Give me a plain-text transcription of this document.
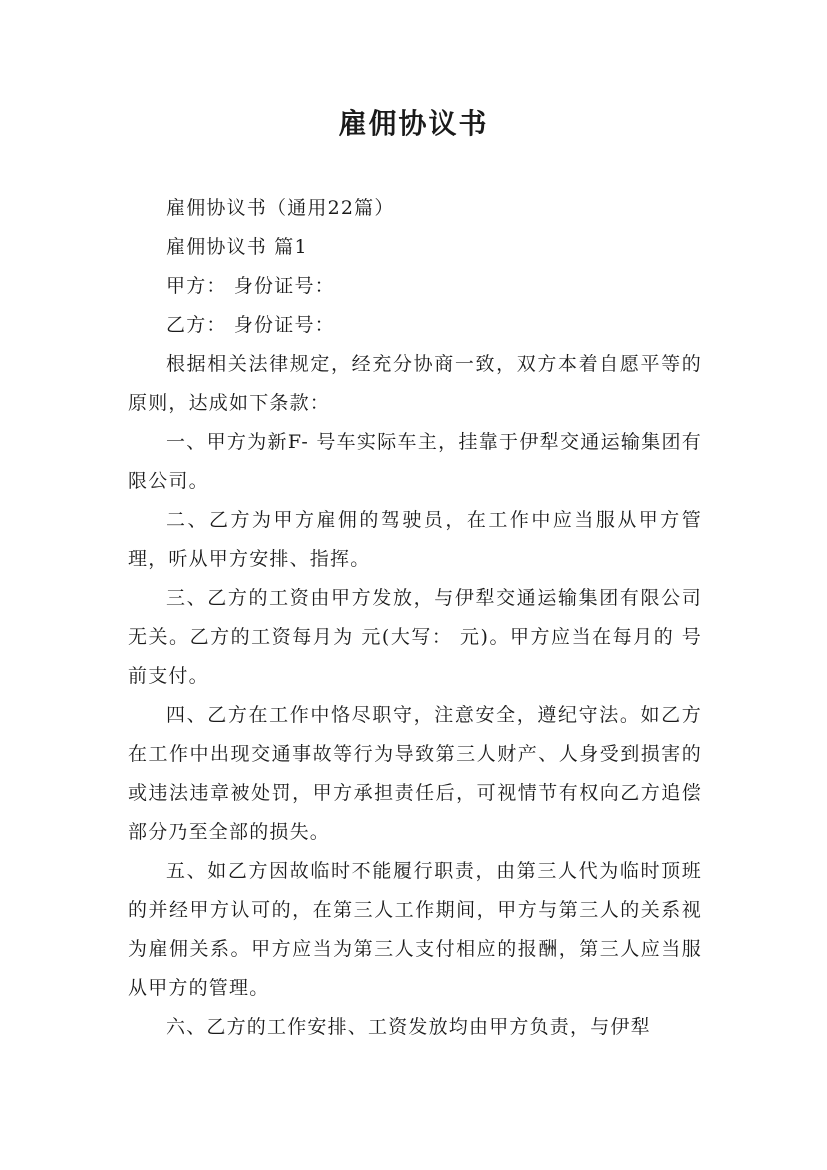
雇佣协议书

雇佣协议书（通用22篇）

雇佣协议书 篇1

甲方： 身份证号：

乙方： 身份证号：

根据相关法律规定，经充分协商一致，双方本着自愿平等的原则，达成如下条款：

一、甲方为新F- 号车实际车主，挂靠于伊犁交通运输集团有限公司。

二、乙方为甲方雇佣的驾驶员，在工作中应当服从甲方管理，听从甲方安排、指挥。

三、乙方的工资由甲方发放，与伊犁交通运输集团有限公司无关。乙方的工资每月为 元(大写： 元)。甲方应当在每月的 号前支付。

四、乙方在工作中恪尽职守，注意安全，遵纪守法。如乙方在工作中出现交通事故等行为导致第三人财产、人身受到损害的或违法违章被处罚，甲方承担责任后，可视情节有权向乙方追偿部分乃至全部的损失。

五、如乙方因故临时不能履行职责，由第三人代为临时顶班的并经甲方认可的，在第三人工作期间，甲方与第三人的关系视为雇佣关系。甲方应当为第三人支付相应的报酬，第三人应当服从甲方的管理。

六、乙方的工作安排、工资发放均由甲方负责，与伊犁
